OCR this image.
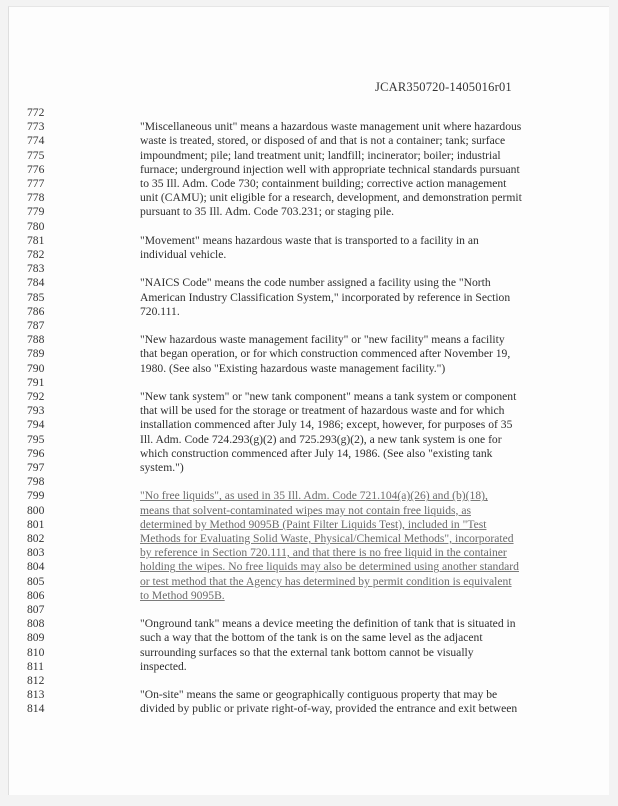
JCAR350720-1405016r01
772
773	"Miscellaneous unit" means a hazardous waste management unit where hazardous
774	waste is treated, stored, or disposed of and that is not a container; tank; surface
775	impoundment; pile; land treatment unit; landfill; incinerator; boiler; industrial
776	furnace; underground injection well with appropriate technical standards pursuant
777	to 35 Ill. Adm. Code 730; containment building; corrective action management
778	unit (CAMU); unit eligible for a research, development, and demonstration permit
779	pursuant to 35 Ill. Adm. Code 703.231; or staging pile.
780
781	"Movement" means hazardous waste that is transported to a facility in an
782	individual vehicle.
783
784	"NAICS Code" means the code number assigned a facility using the "North
785	American Industry Classification System," incorporated by reference in Section
786	720.111.
787
788	"New hazardous waste management facility" or "new facility" means a facility
789	that began operation, or for which construction commenced after November 19,
790	1980. (See also "Existing hazardous waste management facility.")
791
792	"New tank system" or "new tank component" means a tank system or component
793	that will be used for the storage or treatment of hazardous waste and for which
794	installation commenced after July 14, 1986; except, however, for purposes of 35
795	Ill. Adm. Code 724.293(g)(2) and 725.293(g)(2), a new tank system is one for
796	which construction commenced after July 14, 1986. (See also "existing tank
797	system.")
798
799	"No free liquids", as used in 35 Ill. Adm. Code 721.104(a)(26) and (b)(18),
800	means that solvent-contaminated wipes may not contain free liquids, as
801	determined by Method 9095B (Paint Filter Liquids Test), included in "Test
802	Methods for Evaluating Solid Waste, Physical/Chemical Methods", incorporated
803	by reference in Section 720.111, and that there is no free liquid in the container
804	holding the wipes. No free liquids may also be determined using another standard
805	or test method that the Agency has determined by permit condition is equivalent
806	to Method 9095B.
807
808	"Onground tank" means a device meeting the definition of tank that is situated in
809	such a way that the bottom of the tank is on the same level as the adjacent
810	surrounding surfaces so that the external tank bottom cannot be visually
811	inspected.
812
813	"On-site" means the same or geographically contiguous property that may be
814	divided by public or private right-of-way, provided the entrance and exit between
